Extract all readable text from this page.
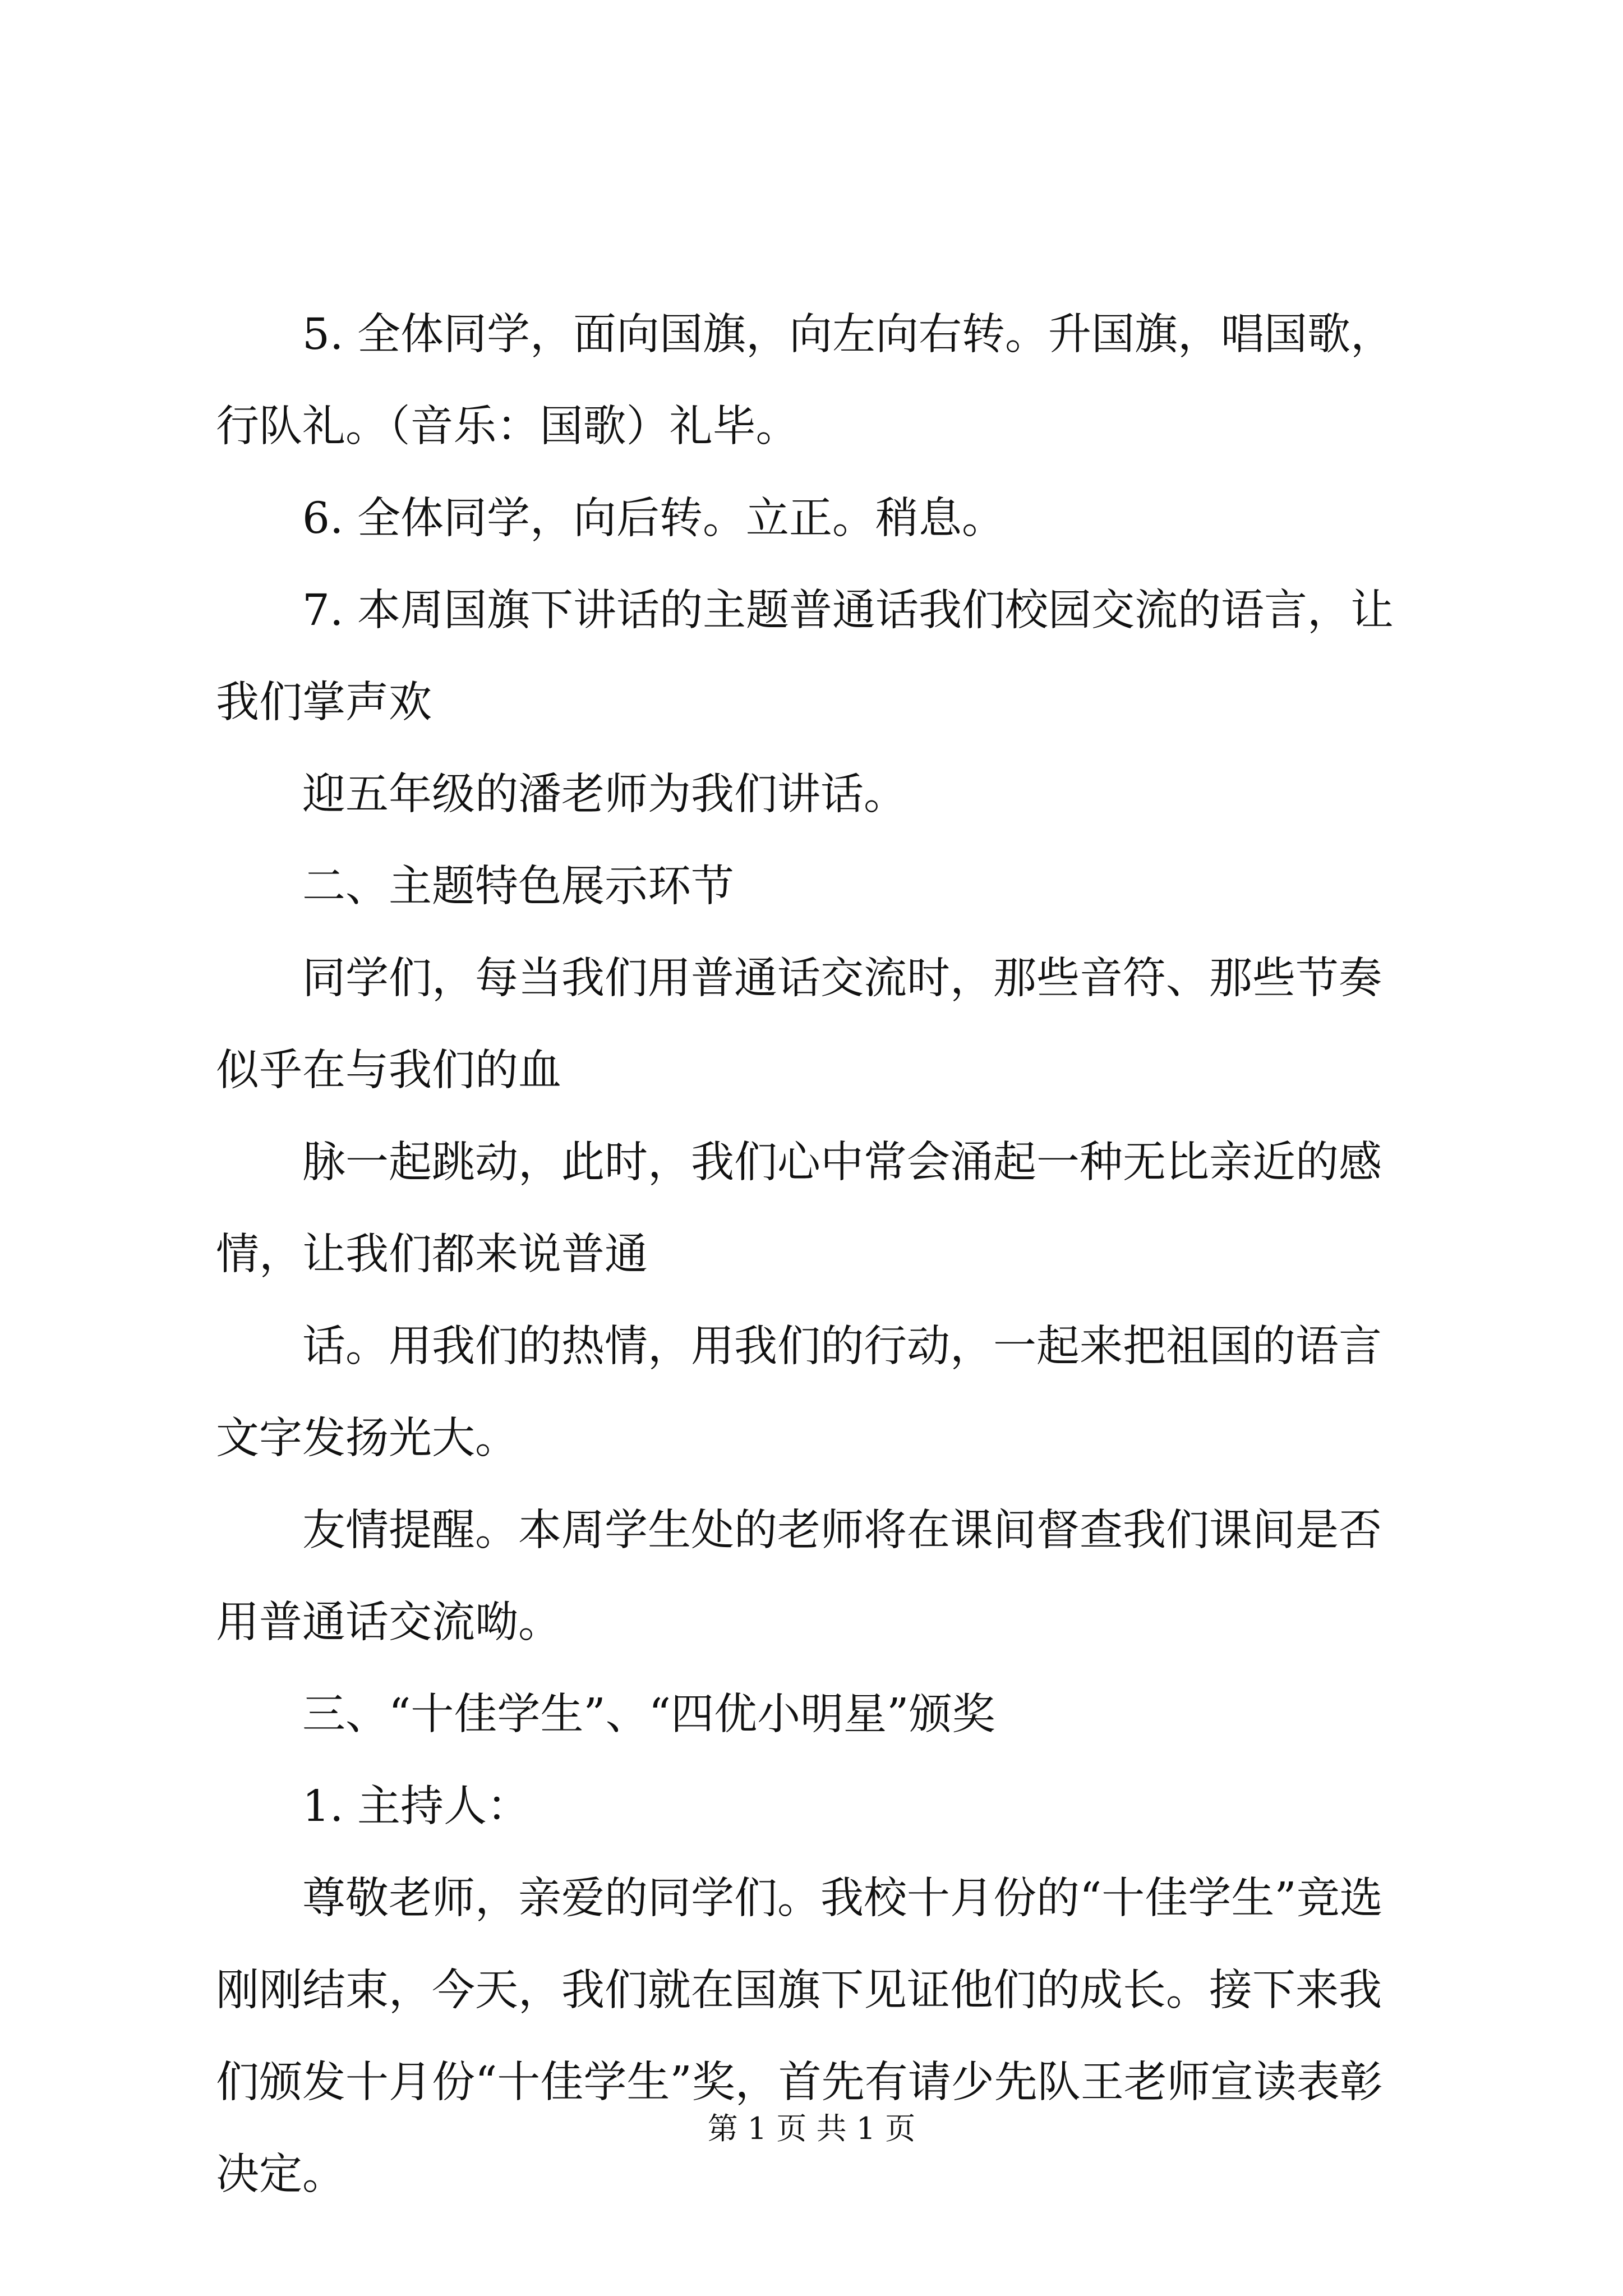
5. 全体同学，面向国旗，向左向右转。升国旗，唱国歌，行队礼。（音乐：国歌）礼毕。

6. 全体同学，向后转。立正。稍息。

7. 本周国旗下讲话的主题普通话我们校园交流的语言，让我们掌声欢

迎五年级的潘老师为我们讲话。

二、主题特色展示环节

同学们，每当我们用普通话交流时，那些音符、那些节奏似乎在与我们的血

脉一起跳动，此时，我们心中常会涌起一种无比亲近的感情，让我们都来说普通

话。用我们的热情，用我们的行动，一起来把祖国的语言文字发扬光大。

友情提醒。本周学生处的老师将在课间督查我们课间是否用普通话交流呦。

三、“十佳学生”、“四优小明星”颁奖

1. 主持人：

尊敬老师，亲爱的同学们。我校十月份的“十佳学生”竞选刚刚结束，今天，我们就在国旗下见证他们的成长。接下来我们颁发十月份“十佳学生”奖，首先有请少先队王老师宣读表彰决定。

第 1 页 共 1 页
